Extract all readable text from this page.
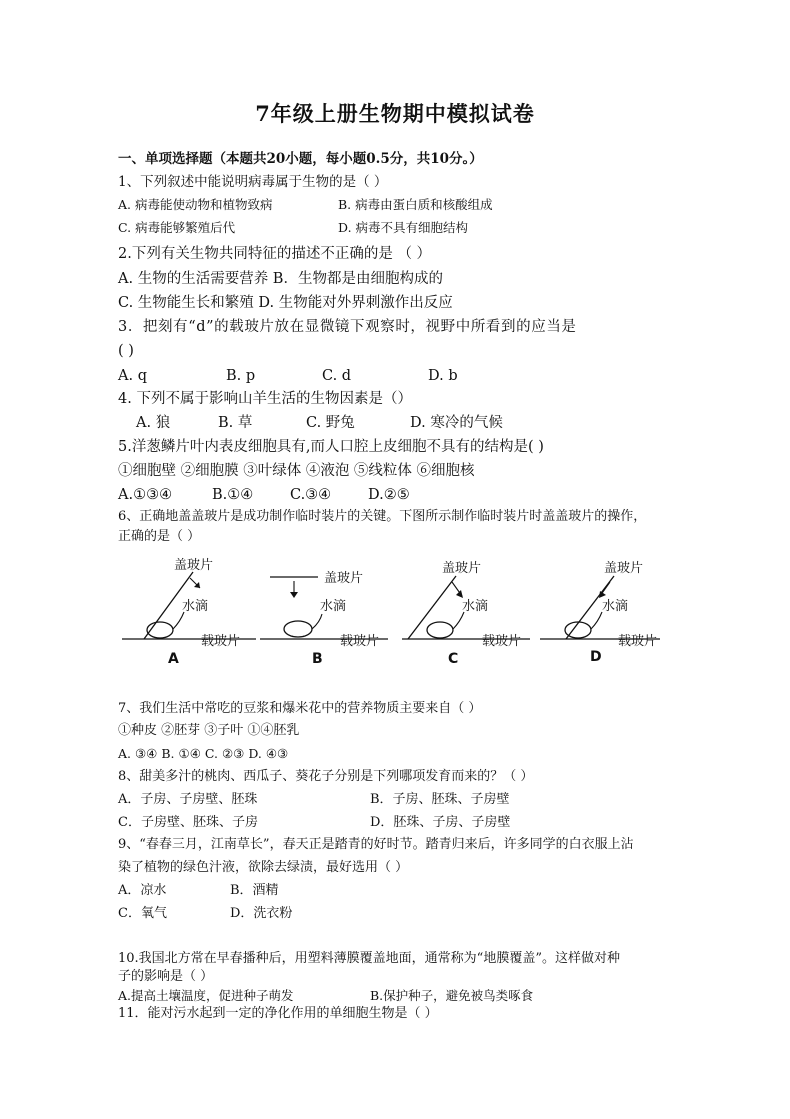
7年级上册生物期中模拟试卷
一、单项选择题（本题共20小题，每小题0.5分，共10分。）
1、下列叙述中能说明病毒属于生物的是（ ）
A. 病毒能使动物和植物致病	B. 病毒由蛋白质和核酸组成
C. 病毒能够繁殖后代	D. 病毒不具有细胞结构
2.下列有关生物共同特征的描述不正确的是 （ ）
A. 生物的生活需要营养 B．生物都是由细胞构成的
C. 生物能生长和繁殖 D. 生物能对外界刺激作出反应
3．把刻有“d”的载玻片放在显微镜下观察时，视野中所看到的应当是
( )
A. q	B. p	C. d	D. b
4. 下列不属于影响山羊生活的生物因素是（）
A. 狼	B. 草	C. 野兔	D. 寒冷的气候
5.洋葱鳞片叶内表皮细胞具有,而人口腔上皮细胞不具有的结构是( )
①细胞壁 ②细胞膜 ③叶绿体 ④液泡 ⑤线粒体 ⑥细胞核
A.①③④	B.①④	C.③④	D.②⑤
6、正确地盖盖玻片是成功制作临时装片的关键。下图所示制作临时装片时盖盖玻片的操作，
正确的是（ ）
盖玻片
水滴
载玻片
A
盖玻片
水滴
载玻片
B
盖玻片
水滴
载玻片
C
盖玻片
水滴
载玻片
D
7、我们生活中常吃的豆浆和爆米花中的营养物质主要来自（ ）
①种皮 ②胚芽 ③子叶 ①④胚乳
A. ③④ B. ①④ C. ②③ D. ④③
8、甜美多汁的桃肉、西瓜子、葵花子分别是下列哪项发育而来的？（ ）
A．子房、子房壁、胚珠	B．子房、胚珠、子房壁
C．子房壁、胚珠、子房	D．胚珠、子房、子房壁
9、“春春三月，江南草长”，春天正是踏青的好时节。踏青归来后，许多同学的白衣服上沾
染了植物的绿色汁液，欲除去绿渍，最好选用（ ）
A．凉水	B．酒精
C．氧气	D．洗衣粉
10.我国北方常在早春播种后，用塑料薄膜覆盖地面，通常称为“地膜覆盖”。这样做对种
子的影响是（ ）
A.提高土壤温度，促进种子萌发	B.保护种子，避免被鸟类啄食
11．能对污水起到一定的净化作用的单细胞生物是（ ）
